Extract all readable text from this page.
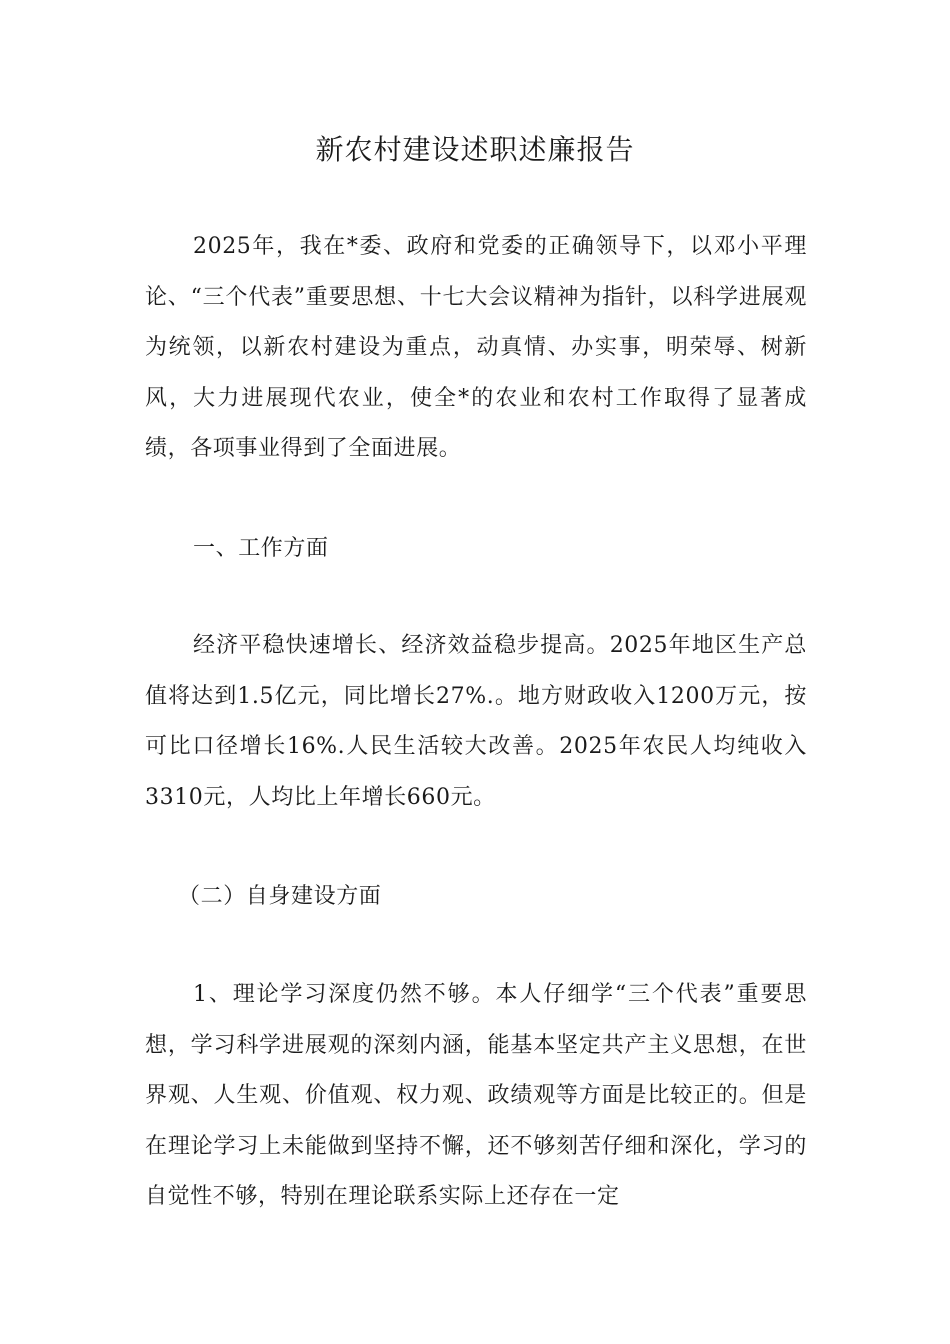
新农村建设述职述廉报告

2025年，我在*委、政府和党委的正确领导下，以邓小平理论、“三个代表”重要思想、十七大会议精神为指针，以科学进展观为统领，以新农村建设为重点，动真情、办实事，明荣辱、树新风，大力进展现代农业，使全*的农业和农村工作取得了显著成绩，各项事业得到了全面进展。

一、工作方面

经济平稳快速增长、经济效益稳步提高。2025年地区生产总值将达到1.5亿元，同比增长27%.。地方财政收入1200万元，按可比口径增长16%.人民生活较大改善。2025年农民人均纯收入3310元，人均比上年增长660元。

（二）自身建设方面

1、理论学习深度仍然不够。本人仔细学“三个代表”重要思想，学习科学进展观的深刻内涵，能基本坚定共产主义思想，在世界观、人生观、价值观、权力观、政绩观等方面是比较正的。但是在理论学习上未能做到坚持不懈，还不够刻苦仔细和深化，学习的自觉性不够，特别在理论联系实际上还存在一定
